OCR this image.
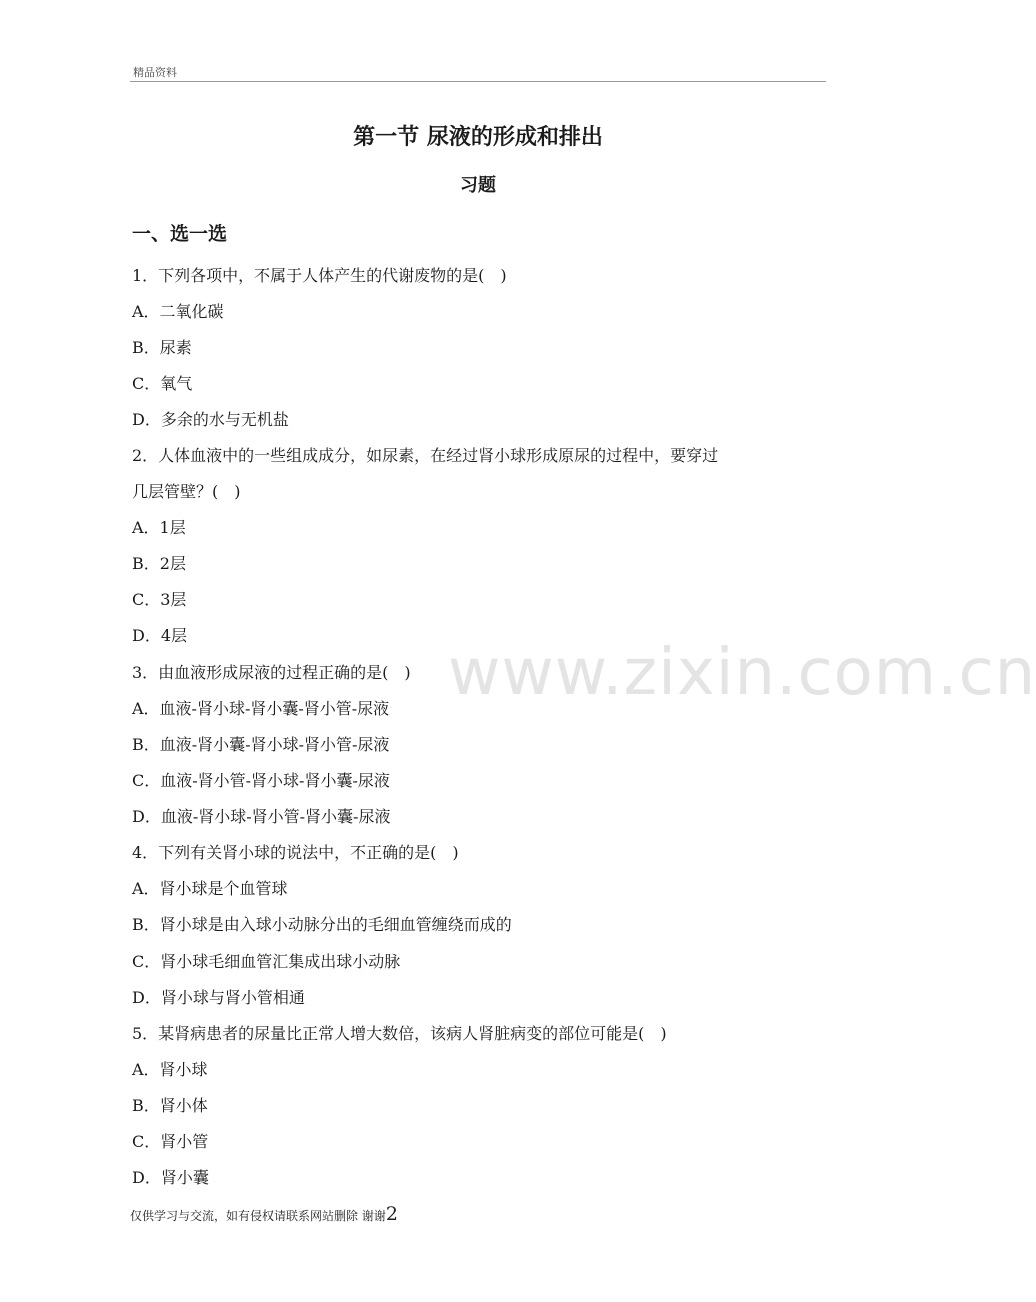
精品资料
www.zixin.com.cn
第一节 尿液的形成和排出
习题
一、选一选
1．下列各项中，不属于人体产生的代谢废物的是(　)
A．二氧化碳
B．尿素
C．氧气
D．多余的水与无机盐
2．人体血液中的一些组成成分，如尿素，在经过肾小球形成原尿的过程中，要穿过
几层管壁？(　)
A．1层
B．2层
C．3层
D．4层
3．由血液形成尿液的过程正确的是(　)
A．血液-肾小球-肾小囊-肾小管-尿液
B．血液-肾小囊-肾小球-肾小管-尿液
C．血液-肾小管-肾小球-肾小囊-尿液
D．血液-肾小球-肾小管-肾小囊-尿液
4．下列有关肾小球的说法中，不正确的是(　)
A．肾小球是个血管球
B．肾小球是由入球小动脉分出的毛细血管缠绕而成的
C．肾小球毛细血管汇集成出球小动脉
D．肾小球与肾小管相通
5．某肾病患者的尿量比正常人增大数倍，该病人肾脏病变的部位可能是(　)
A．肾小球
B．肾小体
C．肾小管
D．肾小囊
仅供学习与交流，如有侵权请联系网站删除 谢谢2
